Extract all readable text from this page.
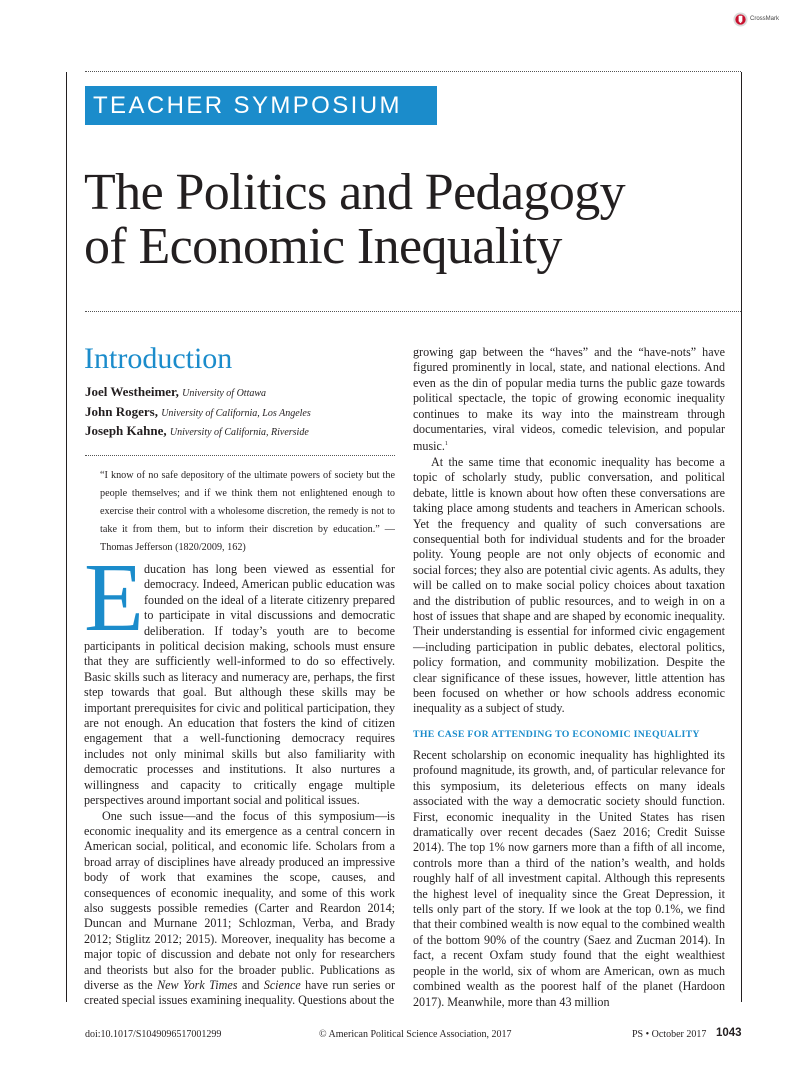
CrossMark
TEACHER SYMPOSIUM
The Politics and Pedagogy
of Economic Inequality
Introduction
Joel Westheimer, University of Ottawa
John Rogers, University of California, Los Angeles
Joseph Kahne, University of California, Riverside
“I know of no safe depository of the ultimate powers of society but the people themselves; and if we think them not enlightened enough to exercise their control with a wholesome discretion, the remedy is not to take it from them, but to inform their discretion by education.” — Thomas Jefferson (1820/2009, 162)
E ducation has long been viewed as essential for democracy. Indeed, American public education was founded on the ideal of a literate citizenry prepared to participate in vital discussions and democratic deliberation. If today’s youth are to become participants in political decision making, schools must ensure that they are sufficiently well-informed to do so effectively. Basic skills such as literacy and numeracy are, perhaps, the first step towards that goal. But although these skills may be important prerequisites for civic and political participation, they are not enough. An education that fosters the kind of citizen engagement that a well-functioning democracy requires includes not only minimal skills but also familiarity with democratic processes and institutions. It also nurtures a willingness and capacity to critically engage multiple perspectives around important social and political issues.

One such issue—and the focus of this symposium—is economic inequality and its emergence as a central concern in American social, political, and economic life. Scholars from a broad array of disciplines have already produced an impressive body of work that examines the scope, causes, and consequences of economic inequality, and some of this work also suggests possible remedies (Carter and Reardon 2014; Duncan and Murnane 2011; Schlozman, Verba, and Brady 2012; Stiglitz 2012; 2015). Moreover, inequality has become a major topic of discussion and debate not only for researchers and theorists but also for the broader public. Publications as diverse as the New York Times and Science have run series or created special issues examining inequality. Questions about the

growing gap between the “haves” and the “have-nots” have figured prominently in local, state, and national elections. And even as the din of popular media turns the public gaze towards political spectacle, the topic of growing economic inequality continues to make its way into the mainstream through documentaries, viral videos, comedic television, and popular music.$^1$

At the same time that economic inequality has become a topic of scholarly study, public conversation, and political debate, little is known about how often these conversations are taking place among students and teachers in American schools. Yet the frequency and quality of such conversations are consequential both for individual students and for the broader polity. Young people are not only objects of economic and social forces; they also are potential civic agents. As adults, they will be called on to make social policy choices about taxation and the distribution of public resources, and to weigh in on a host of issues that shape and are shaped by economic inequality. Their understanding is essential for informed civic engagement—including participation in public debates, electoral politics, policy formation, and community mobilization. Despite the clear significance of these issues, however, little attention has been focused on whether or how schools address economic inequality as a subject of study.

THE CASE FOR ATTENDING TO ECONOMIC INEQUALITY

Recent scholarship on economic inequality has highlighted its profound magnitude, its growth, and, of particular relevance for this symposium, its deleterious effects on many ideals associated with the way a democratic society should function. First, economic inequality in the United States has risen dramatically over recent decades (Saez 2016; Credit Suisse 2014). The top 1% now garners more than a fifth of all income, controls more than a third of the nation’s wealth, and holds roughly half of all investment capital. Although this represents the highest level of inequality since the Great Depression, it tells only part of the story. If we look at the top 0.1%, we find that their combined wealth is now equal to the combined wealth of the bottom 90% of the country (Saez and Zucman 2014). In fact, a recent Oxfam study found that the eight wealthiest people in the world, six of whom are American, own as much combined wealth as the poorest half of the planet (Hardoon 2017). Meanwhile, more than 43 million

doi:10.1017/S1049096517001299	© American Political Science Association, 2017	PS • October 2017 1043
